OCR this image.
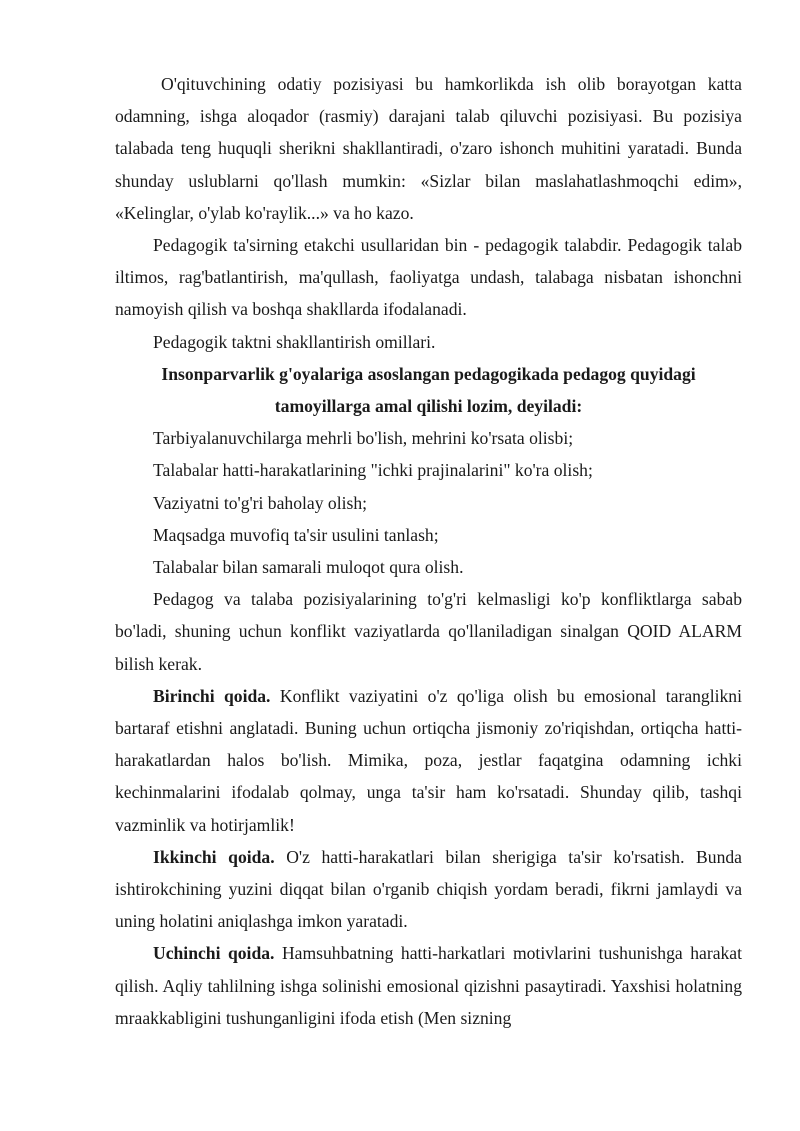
O'qituvchining odatiy pozisiyasi bu hamkorlikda ish olib borayotgan katta odamning, ishga aloqador (rasmiy) darajani talab qiluvchi pozisiyasi. Bu pozisiya talabada teng huquqli sherikni shakllantiradi, o'zaro ishonch muhitini yaratadi. Bunda shunday uslublarni qo'llash mumkin: «Sizlar bilan maslahatlashmoqchi edim», «Kelinglar, o'ylab ko'raylik...» va ho kazo.

Pedagogik ta'sirning etakchi usullaridan bin - pedagogik talabdir. Pedagogik talab iltimos, rag'batlantirish, ma'qullash, faoliyatga undash, talabaga nisbatan ishonchni namoyish qilish va boshqa shakllarda ifodalanadi.

Pedagogik taktni shakllantirish omillari.

Insonparvarlik g'oyalariga asoslangan pedagogikada pedagog quyidagi tamoyillarga amal qilishi lozim, deyiladi:

Tarbiyalanuvchilarga mehrli bo'lish, mehrini ko'rsata olisbi;

Talabalar hatti-harakatlarining "ichki prajinalarini" ko'ra olish;

Vaziyatni to'g'ri baholay olish;

Maqsadga muvofiq ta'sir usulini tanlash;

Talabalar bilan samarali muloqot qura olish.

Pedagog va talaba pozisiyalarining to'g'ri kelmasligi ko'p konfliktlarga sabab bo'ladi, shuning uchun konflikt vaziyatlarda qo'llaniladigan sinalgan QOID ALARM bilish kerak.

Birinchi qoida. Konflikt vaziyatini o'z qo'liga olish bu emosional taranglikni bartaraf etishni anglatadi. Buning uchun ortiqcha jismoniy zo'riqishdan, ortiqcha hatti-harakatlardan halos bo'lish. Mimika, poza, jestlar faqatgina odamning ichki kechinmalarini ifodalab qolmay, unga ta'sir ham ko'rsatadi. Shunday qilib, tashqi vazminlik va hotirjamlik!

Ikkinchi qoida. O'z hatti-harakatlari bilan sherigiga ta'sir ko'rsatish. Bunda ishtirokchining yuzini diqqat bilan o'rganib chiqish yordam beradi, fikrni jamlaydi va uning holatini aniqlashga imkon yaratadi.

Uchinchi qoida. Hamsuhbatning hatti-harkatlari motivlarini tushunishga harakat qilish. Aqliy tahlilning ishga solinishi emosional qizishni pasaytiradi. Yaxshisi holatning mraakkabligini tushunganligini ifoda etish (Men sizning
